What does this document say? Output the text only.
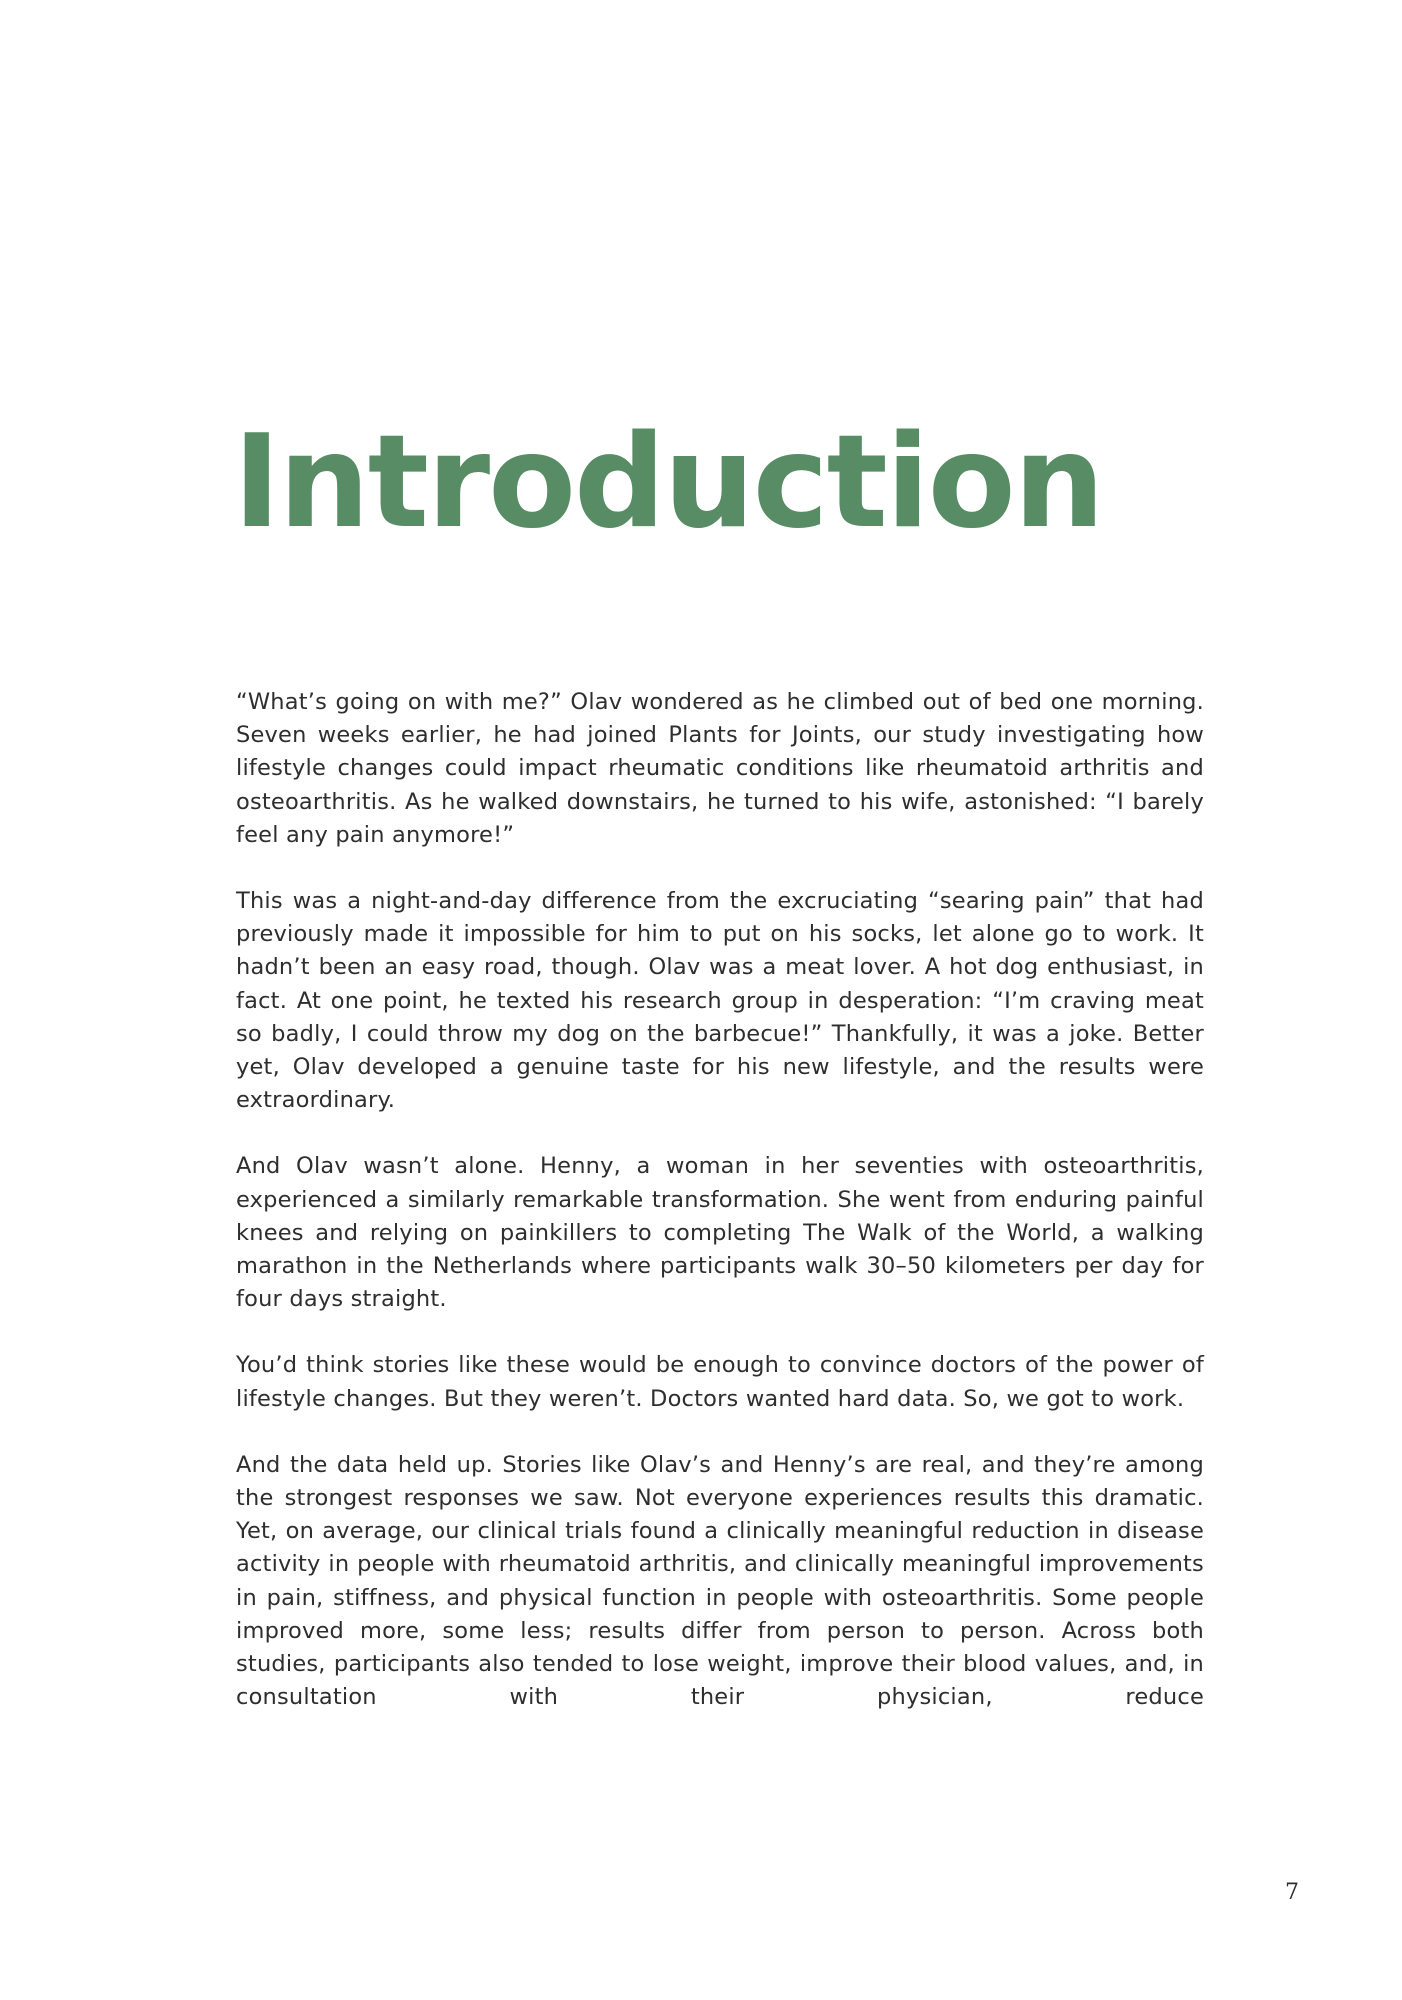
Introduction

“What’s going on with me?” Olav wondered as he climbed out of bed one morning. Seven weeks earlier, he had joined Plants for Joints, our study investigating how lifestyle changes could impact rheumatic conditions like rheumatoid arthritis and osteoarthritis. As he walked downstairs, he turned to his wife, astonished: “I barely feel any pain anymore!”

This was a night-and-day difference from the excruciating “searing pain” that had previously made it impossible for him to put on his socks, let alone go to work. It hadn’t been an easy road, though. Olav was a meat lover. A hot dog enthusiast, in fact. At one point, he texted his research group in desperation: “I’m craving meat so badly, I could throw my dog on the barbecue!” Thankfully, it was a joke. Better yet, Olav developed a genuine taste for his new lifestyle, and the results were extraordinary.

And Olav wasn’t alone. Henny, a woman in her seventies with osteoarthritis, experienced a similarly remarkable transformation. She went from enduring painful knees and relying on painkillers to completing The Walk of the World, a walking marathon in the Netherlands where participants walk 30–50 kilometers per day for four days straight.

You’d think stories like these would be enough to convince doctors of the power of lifestyle changes. But they weren’t. Doctors wanted hard data. So, we got to work.

And the data held up. Stories like Olav’s and Henny’s are real, and they’re among the strongest responses we saw. Not everyone experiences results this dramatic. Yet, on average, our clinical trials found a clinically meaningful reduction in disease activity in people with rheumatoid arthritis, and clinically meaningful improvements in pain, stiffness, and physical function in people with osteoarthritis. Some people improved more, some less; results differ from person to person. Across both studies, participants also tended to lose weight, improve their blood values, and, in consultation with their physician, reduce

7
